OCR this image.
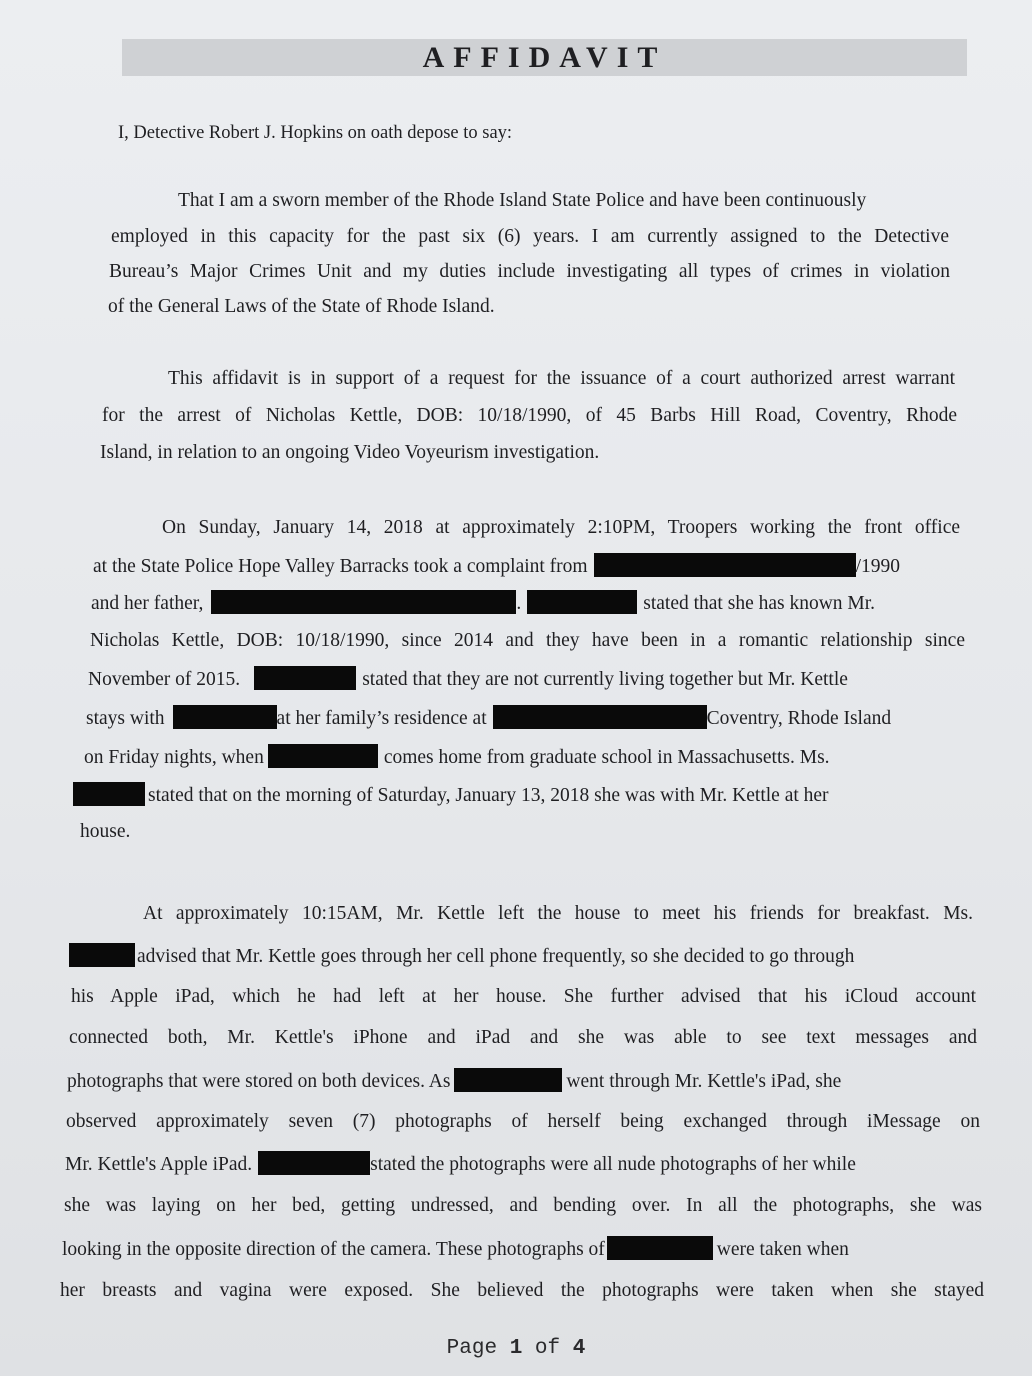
AFFIDAVIT
I, Detective Robert J. Hopkins on oath depose to say:
That I am a sworn member of the Rhode Island State Police and have been continuously
employed in this capacity for the past six (6) years. I am currently assigned to the Detective
Bureau’s Major Crimes Unit and my duties include investigating all types of crimes in violation
of the General Laws of the State of Rhode Island.
This affidavit is in support of a request for the issuance of a court authorized arrest warrant
for the arrest of Nicholas Kettle, DOB: 10/18/1990, of 45 Barbs Hill Road, Coventry, Rhode
Island, in relation to an ongoing Video Voyeurism investigation.
On Sunday, January 14, 2018 at approximately 2:10PM, Troopers working the front office
at the State Police Hope Valley Barracks took a complaint from	/1990
and her father,	.	stated that she has known Mr.
Nicholas Kettle, DOB: 10/18/1990, since 2014 and they have been in a romantic relationship since
November of 2015.	stated that they are not currently living together but Mr. Kettle
stays with	at her family’s residence at	Coventry, Rhode Island
on Friday nights, when	comes home from graduate school in Massachusetts. Ms.
stated that on the morning of Saturday, January 13, 2018 she was with Mr. Kettle at her
house.
At approximately 10:15AM, Mr. Kettle left the house to meet his friends for breakfast. Ms.
advised that Mr. Kettle goes through her cell phone frequently, so she decided to go through
his Apple iPad, which he had left at her house. She further advised that his iCloud account
connected both, Mr. Kettle's iPhone and iPad and she was able to see text messages and
photographs that were stored on both devices. As	went through Mr. Kettle's iPad, she
observed approximately seven (7) photographs of herself being exchanged through iMessage on
Mr. Kettle's Apple iPad.	stated the photographs were all nude photographs of her while
she was laying on her bed, getting undressed, and bending over. In all the photographs, she was
looking in the opposite direction of the camera. These photographs of	were taken when
her breasts and vagina were exposed. She believed the photographs were taken when she stayed
Page 1 of 4
